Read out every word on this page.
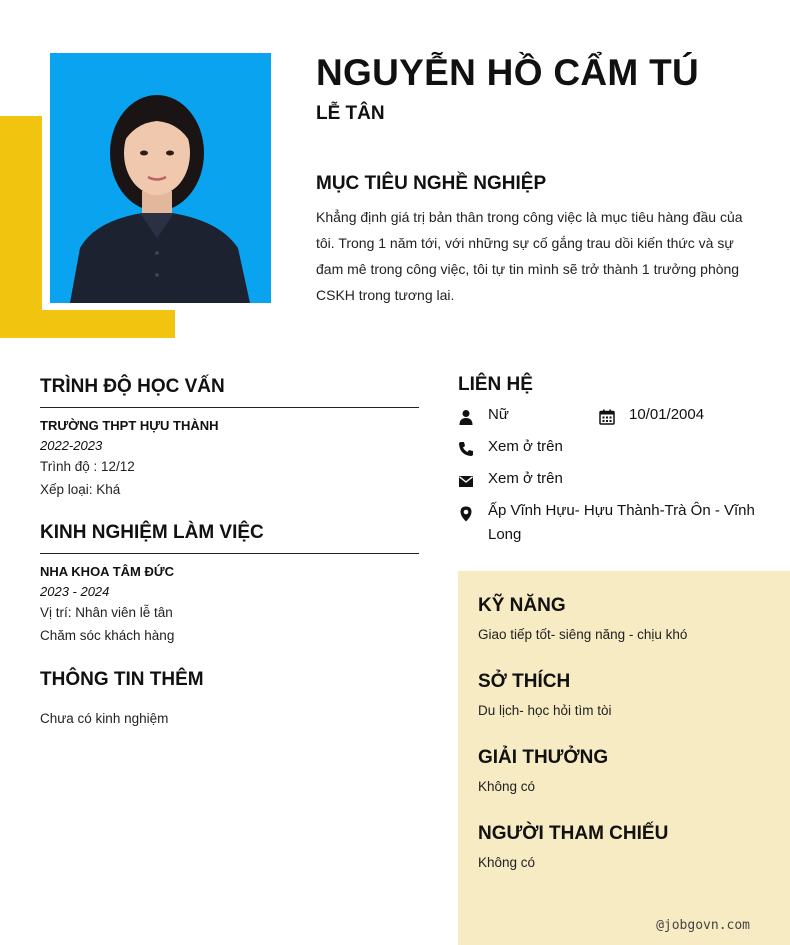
NGUYỄN HỒ CẨM TÚ
LỄ TÂN
MỤC TIÊU NGHỀ NGHIỆP

Khẳng định giá trị bản thân trong công việc là mục tiêu hàng đầu của tôi. Trong 1 năm tới, với những sự cố gắng trau dồi kiến thức và sự đam mê trong công việc, tôi tự tin mình sẽ trở thành 1 trưởng phòng CSKH trong tương lai.

TRÌNH ĐỘ HỌC VẤN

TRƯỜNG THPT HỰU THÀNH

2022-2023

Trình độ : 12/12

Xếp loại: Khá

KINH NGHIỆM LÀM VIỆC

NHA KHOA TÂM ĐỨC

2023 - 2024

Vị trí: Nhân viên lễ tân

Chăm sóc khách hàng

THÔNG TIN THÊM

Chưa có kinh nghiệm

LIÊN HỆ
Nữ	10/01/2004
Xem ở trên
Xem ở trên
Ấp Vĩnh Hựu- Hựu Thành-Trà Ôn - Vĩnh Long
KỸ NĂNG

Giao tiếp tốt- siêng năng - chịu khó

SỞ THÍCH

Du lịch- học hỏi tìm tòi

GIẢI THƯỞNG

Không có

NGƯỜI THAM CHIẾU

Không có

@jobgovn.com
